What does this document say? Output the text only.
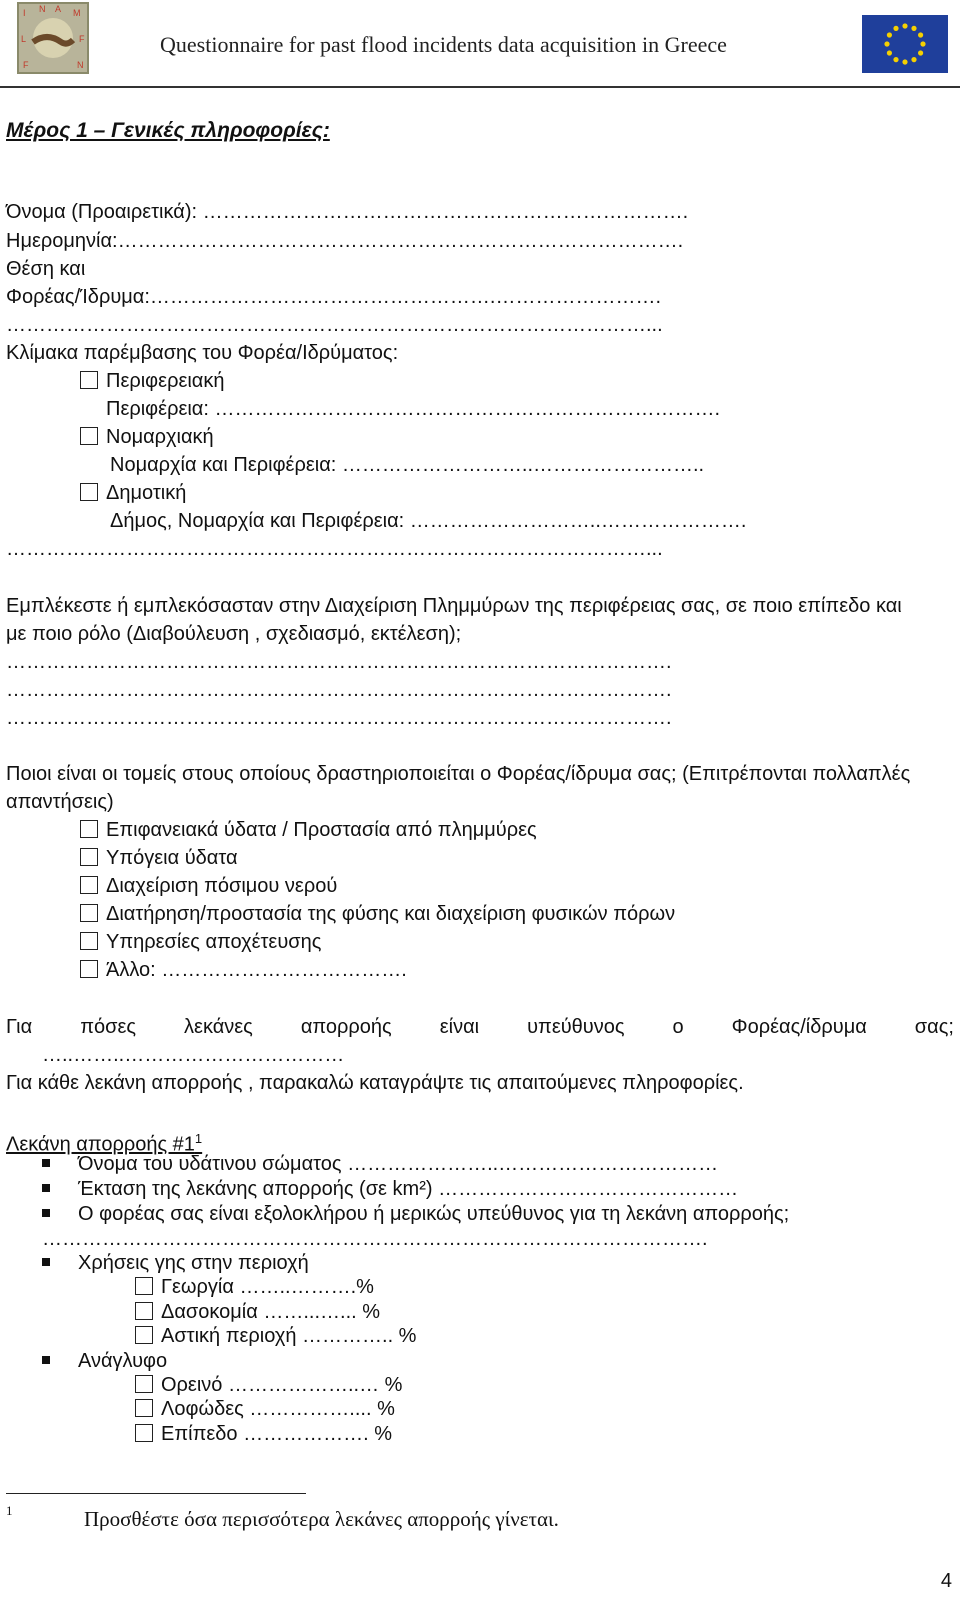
I N A M
L	F
F	N
Questionnaire for past flood incidents data acquisition in Greece
Μέρος 1 – Γενικές πληροφορίες:
Όνομα (Προαιρετικά): ……………………………………………………………….
Ημερομηνία:………………………………………………………………………….
Θέση και
Φορέας/Ίδρυμα:…………………………………………….…………………….
……………………………………………………………………………………...
Κλίμακα παρέμβασης του Φορέα/Ιδρύματος:
Περιφερειακή
Περιφέρεια: ………………………………………………………………….
Νομαρχιακή
Νομαρχία και Περιφέρεια: ………………………..……………………..
Δημοτική
Δήμος, Νομαρχία και Περιφέρεια: ………………………..………………….
……………………………………………………………………………………...
Εμπλέκεστε ή εμπλεκόσασταν στην Διαχείριση Πλημμύρων της περιφέρειας σας, σε ποιο επίπεδο και
με ποιο ρόλο (Διαβούλευση , σχεδιασμό, εκτέλεση);
……………………………………………………………………………………….
……………………………………………………………………………………….
……………………………………………………………………………………….
Ποιοι είναι οι τομείς στους οποίους δραστηριοποιείται ο Φορέας/ίδρυμα σας; (Επιτρέπονται πολλαπλές
απαντήσεις)
Επιφανειακά ύδατα / Προστασία από πλημμύρες
Υπόγεια ύδατα
Διαχείριση πόσιμου νερού
Διατήρηση/προστασία της φύσης και διαχείριση φυσικών πόρων
Υπηρεσίες αποχέτευσης
Άλλο: ……………………………….
Για πόσες λεκάνες απορροής είναι υπεύθυνος ο Φορέας/ίδρυμα σας;
…..……..……………………………
Για κάθε λεκάνη απορροής , παρακαλώ καταγράψτε τις απαιτούμενες πληροφορίες.
Λεκάνη απορροής $\#1^1$
Όνομα του υδάτινου σώματος …………………..……………………………
Έκταση της λεκάνης απορροής (σε km²) ………………………………………
Ο φορέας σας είναι εξολοκλήρου ή μερικώς υπεύθυνος για τη λεκάνη απορροής;
……………………………………………………………………………………….
Χρήσεις γης στην περιοχή
Γεωργία ……..……….%
Δασοκομία ……...…... %
Αστική περιοχή ………….. %
Ανάγλυφο
Ορεινό ………………..… %
Λοφώδες …………….... %
Επίπεδο ………………. %
1	Προσθέστε όσα περισσότερα λεκάνες απορροής γίνεται.
4
